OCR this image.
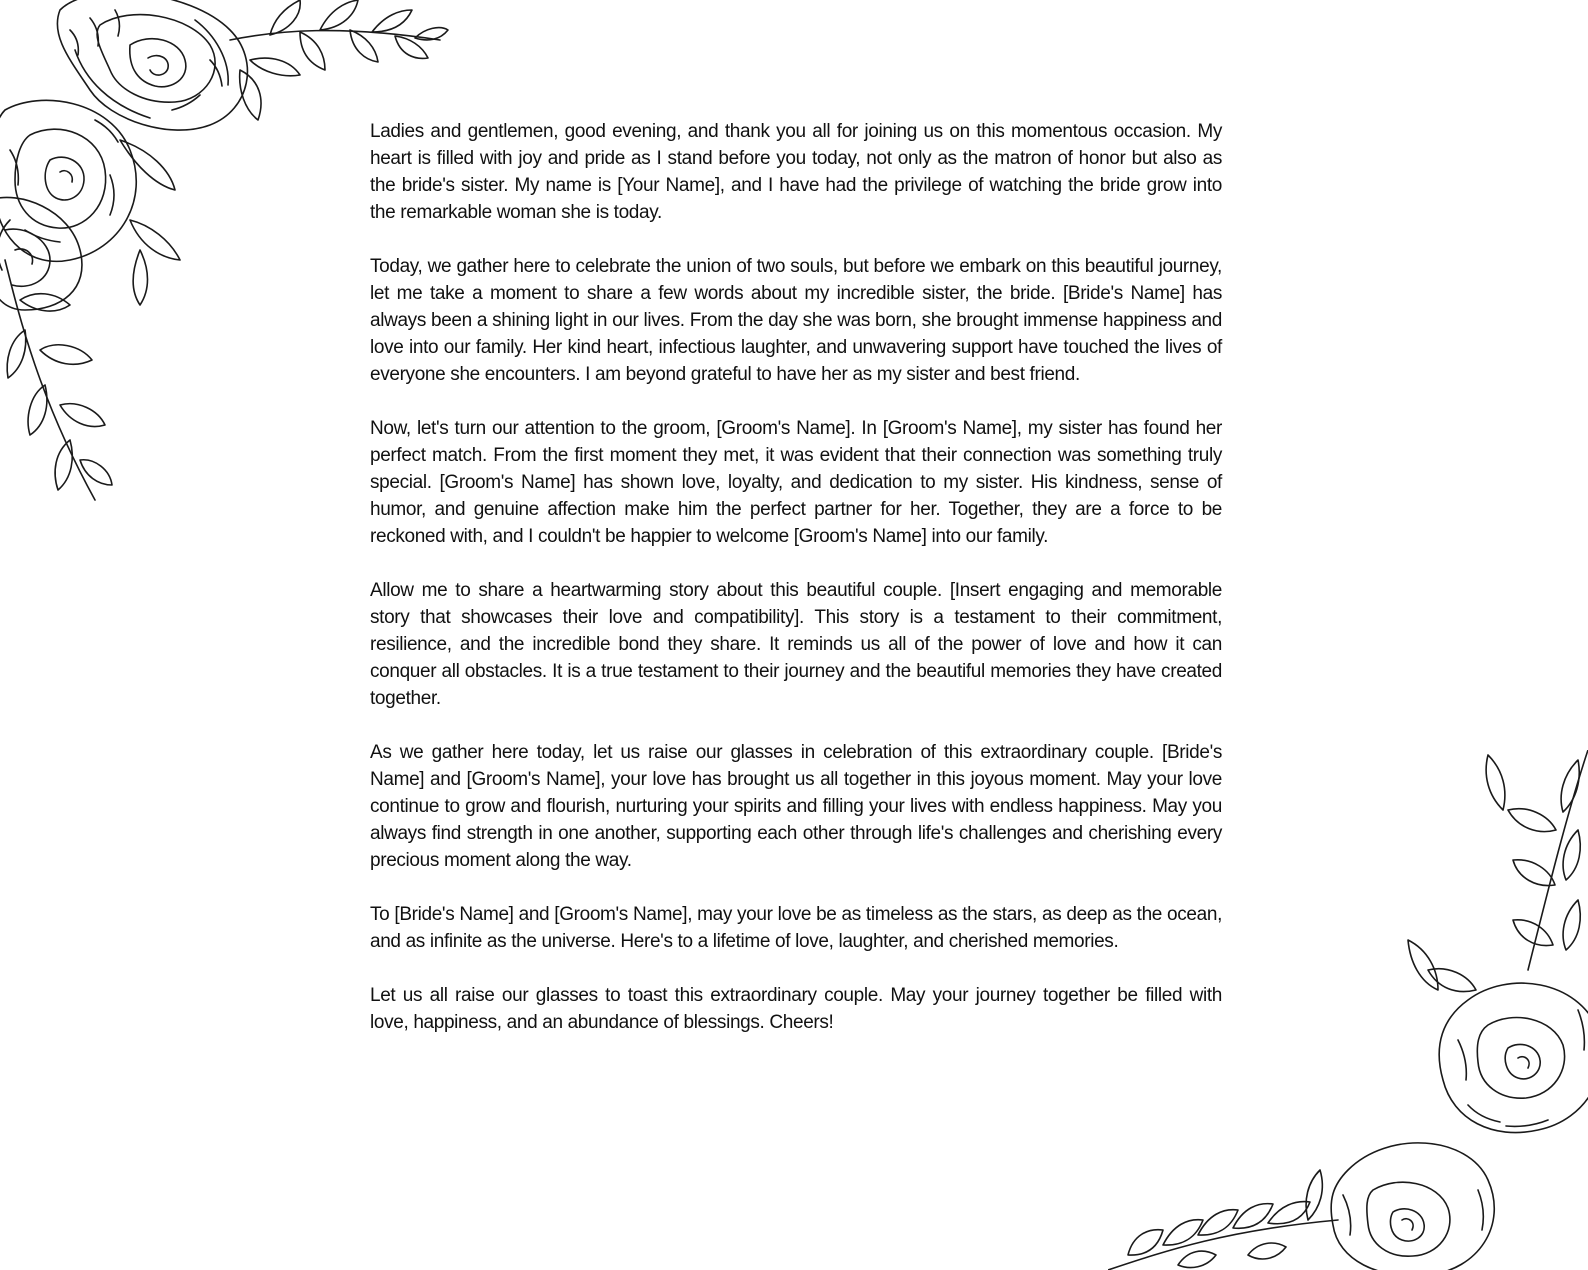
Ladies and gentlemen, good evening, and thank you all for joining us on this momentous occasion. My heart is filled with joy and pride as I stand before you today, not only as the matron of honor but also as the bride's sister. My name is [Your Name], and I have had the privilege of watching the bride grow into the remarkable woman she is today.

Today, we gather here to celebrate the union of two souls, but before we embark on this beautiful journey, let me take a moment to share a few words about my incredible sister, the bride. [Bride's Name] has always been a shining light in our lives. From the day she was born, she brought immense happiness and love into our family. Her kind heart, infectious laughter, and unwavering support have touched the lives of everyone she encounters. I am beyond grateful to have her as my sister and best friend.

Now, let's turn our attention to the groom, [Groom's Name]. In [Groom's Name], my sister has found her perfect match. From the first moment they met, it was evident that their connection was something truly special. [Groom's Name] has shown love, loyalty, and dedication to my sister. His kindness, sense of humor, and genuine affection make him the perfect partner for her. Together, they are a force to be reckoned with, and I couldn't be happier to welcome [Groom's Name] into our family.

Allow me to share a heartwarming story about this beautiful couple. [Insert engaging and memorable story that showcases their love and compatibility]. This story is a testament to their commitment, resilience, and the incredible bond they share. It reminds us all of the power of love and how it can conquer all obstacles. It is a true testament to their journey and the beautiful memories they have created together.

As we gather here today, let us raise our glasses in celebration of this extraordinary couple. [Bride's Name] and [Groom's Name], your love has brought us all together in this joyous moment. May your love continue to grow and flourish, nurturing your spirits and filling your lives with endless happiness. May you always find strength in one another, supporting each other through life's challenges and cherishing every precious moment along the way.

To [Bride's Name] and [Groom's Name], may your love be as timeless as the stars, as deep as the ocean, and as infinite as the universe. Here's to a lifetime of love, laughter, and cherished memories.

Let us all raise our glasses to toast this extraordinary couple. May your journey together be filled with love, happiness, and an abundance of blessings. Cheers!
